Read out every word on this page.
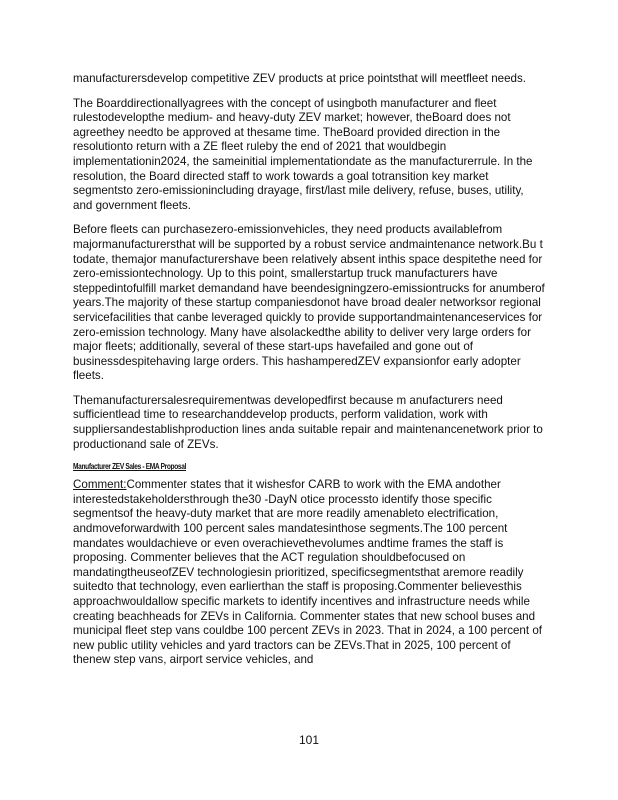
manufacturersdevelop competitive ZEV products at price pointsthat will meetfleet needs.

The Boarddirectionallyagrees with the concept of usingboth manufacturer and fleet rulestodevelopthe medium- and heavy-duty ZEV market; however, theBoard does not agreethey needto be approved at thesame time. TheBoard provided direction in the resolutionto return with a ZE fleet ruleby the end of 2021 that wouldbegin implementationin2024, the sameinitial implementationdate as the manufacturerrule. In the resolution, the Board directed staff to work towards a goal totransition key market segmentsto zero-emissionincluding drayage, first/last mile delivery, refuse, buses, utility, and government fleets.

Before fleets can purchasezero-emissionvehicles, they need products availablefrom majormanufacturersthat will be supported by a robust service andmaintenance network.Bu t todate, themajor manufacturershave been relatively absent inthis space despitethe need for zero-emissiontechnology. Up to this point, smallerstartup truck manufacturers have steppedintofulfill market demandand have beendesigningzero-emissiontrucks for anumberof years.The majority of these startup companiesdonot have broad dealer networksor regional servicefacilities that canbe leveraged quickly to provide supportandmaintenanceservices for zero-emission technology. Many have alsolackedthe ability to deliver very large orders for major fleets; additionally, several of these start-ups havefailed and gone out of businessdespitehaving large orders. This hashamperedZEV expansionfor early adopter fleets.

Themanufacturersalesrequirementwas developedfirst because m anufacturers need sufficientlead time to researchanddevelop products, perform validation, work with suppliersandestablishproduction lines anda suitable repair and maintenancenetwork prior to productionand sale of ZEVs.

Manufacturer ZEV Sales - EMA Proposal

Comment:Commenter states that it wishesfor CARB to work with the EMA andother interestedstakeholdersthrough the30 -DayN otice processto identify those specific segmentsof the heavy-duty market that are more readily amenableto electrification, andmoveforwardwith 100 percent sales mandatesinthose segments.The 100 percent mandates wouldachieve or even overachievethevolumes andtime frames the staff is proposing. Commenter believes that the ACT regulation shouldbefocused on mandatingtheuseofZEV technologiesin prioritized, specificsegmentsthat aremore readily suitedto that technology, even earlierthan the staff is proposing.Commenter believesthis approachwouldallow specific markets to identify incentives and infrastructure needs while creating beachheads for ZEVs in California. Commenter states that new school buses and municipal fleet step vans couldbe 100 percent ZEVs in 2023. That in 2024, a 100 percent of new public utility vehicles and yard tractors can be ZEVs.That in 2025, 100 percent of thenew step vans, airport service vehicles, and

101
